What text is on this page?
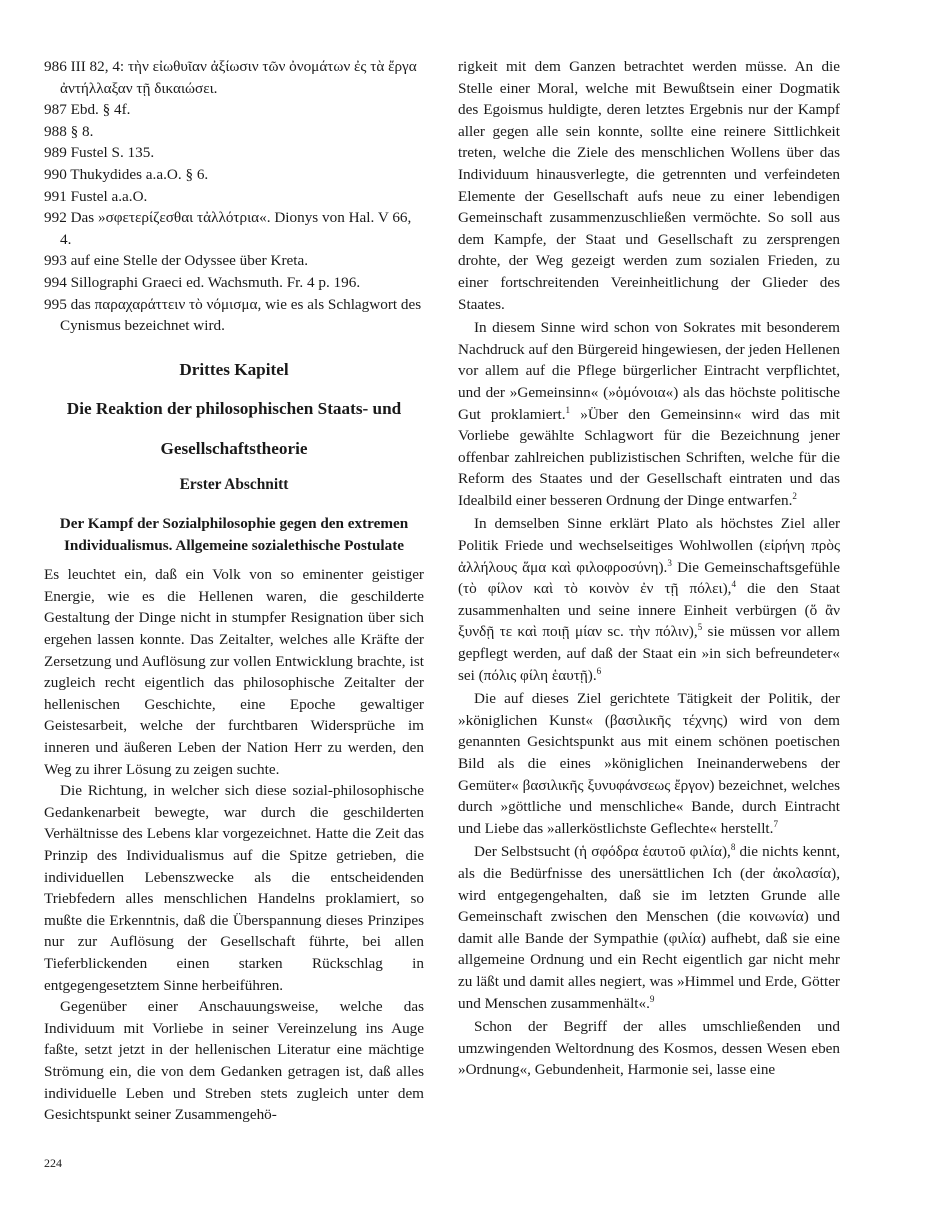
986 III 82, 4: τὴν εἰωθυῖαν ἀξίωσιν τῶν ὀνομάτων ἐς τὰ ἔργα ἀντήλλαξαν τῇ δικαιώσει.

987 Ebd. § 4f.

988 § 8.

989 Fustel S. 135.

990 Thukydides a.a.O. § 6.

991 Fustel a.a.O.

992 Das »σφετερίζεσθαι τἀλλότρια«. Dionys von Hal. V 66, 4.

993 auf eine Stelle der Odyssee über Kreta.

994 Sillographi Graeci ed. Wachsmuth. Fr. 4 p. 196.

995 das παραχαράττειν τὸ νόμισμα, wie es als Schlagwort des Cynismus bezeichnet wird.

Drittes Kapitel

Die Reaktion der philosophischen Staats- und

Gesellschaftstheorie

Erster Abschnitt

Der Kampf der Sozialphilosophie gegen den extremen Individualismus. Allgemeine sozialethische Postulate

Es leuchtet ein, daß ein Volk von so eminenter geistiger Energie, wie es die Hellenen waren, die geschilderte Gestaltung der Dinge nicht in stumpfer Resignation über sich ergehen lassen konnte. Das Zeitalter, welches alle Kräfte der Zersetzung und Auflösung zur vollen Entwicklung brachte, ist zugleich recht eigentlich das philosophische Zeitalter der hellenischen Geschichte, eine Epoche gewaltiger Geistesarbeit, welche der furchtbaren Widersprüche im inneren und äußeren Leben der Nation Herr zu werden, den Weg zu ihrer Lösung zu zeigen suchte.

Die Richtung, in welcher sich diese sozial-philosophische Gedankenarbeit bewegte, war durch die geschilderten Verhältnisse des Lebens klar vorgezeichnet. Hatte die Zeit das Prinzip des Individualismus auf die Spitze getrieben, die individuellen Lebenszwecke als die entscheidenden Triebfedern alles menschlichen Handelns proklamiert, so mußte die Erkenntnis, daß die Überspannung dieses Prinzipes nur zur Auflösung der Gesellschaft führte, bei allen Tieferblickenden einen starken Rückschlag in entgegengesetztem Sinne herbeiführen.

Gegenüber einer Anschauungsweise, welche das Individuum mit Vorliebe in seiner Vereinzelung ins Auge faßte, setzt jetzt in der hellenischen Literatur eine mächtige Strömung ein, die von dem Gedanken getragen ist, daß alles individuelle Leben und Streben stets zugleich unter dem Gesichtspunkt seiner Zusammengehö-

rigkeit mit dem Ganzen betrachtet werden müsse. An die Stelle einer Moral, welche mit Bewußtsein einer Dogmatik des Egoismus huldigte, deren letztes Ergebnis nur der Kampf aller gegen alle sein konnte, sollte eine reinere Sittlichkeit treten, welche die Ziele des menschlichen Wollens über das Individuum hinausverlegte, die getrennten und verfeindeten Elemente der Gesellschaft aufs neue zu einer lebendigen Gemeinschaft zusammenzuschließen vermöchte. So soll aus dem Kampfe, der Staat und Gesellschaft zu zersprengen drohte, der Weg gezeigt werden zum sozialen Frieden, zu einer fortschreitenden Vereinheitlichung der Glieder des Staates.

In diesem Sinne wird schon von Sokrates mit besonderem Nachdruck auf den Bürgereid hingewiesen, der jeden Hellenen vor allem auf die Pflege bürgerlicher Eintracht verpflichtet, und der »Gemeinsinn« (»ὁμόνοια«) als das höchste politische Gut proklamiert.$^1$ »Über den Gemeinsinn« wird das mit Vorliebe gewählte Schlagwort für die Bezeichnung jener offenbar zahlreichen publizistischen Schriften, welche für die Reform des Staates und der Gesellschaft eintraten und das Idealbild einer besseren Ordnung der Dinge entwarfen.$^2$

In demselben Sinne erklärt Plato als höchstes Ziel aller Politik Friede und wechselseitiges Wohlwollen (εἰρήνη πρὸς ἀλλήλους ἅμα καὶ φιλοφροσύνη).$^3$ Die Gemeinschaftsgefühle (τὸ φίλον καὶ τὸ κοινὸν ἐν τῇ πόλει),$^4$ die den Staat zusammenhalten und seine innere Einheit verbürgen (ὅ ἂν ξυνδῇ τε καὶ ποιῇ μίαν sc. τὴν πόλιν),$^5$ sie müssen vor allem gepflegt werden, auf daß der Staat ein »in sich befreundeter« sei (πόλις φίλη ἑαυτῇ).$^6$

Die auf dieses Ziel gerichtete Tätigkeit der Politik, der »königlichen Kunst« (βασιλικῆς τέχνης) wird von dem genannten Gesichtspunkt aus mit einem schönen poetischen Bild als die eines »königlichen Ineinanderwebens der Gemüter« βασιλικῆς ξυνυφάνσεως ἔργον) bezeichnet, welches durch »göttliche und menschliche« Bande, durch Eintracht und Liebe das »allerköstlichste Geflechte« herstellt.$^7$

Der Selbstsucht (ἡ σφόδρα ἑαυτοῦ φιλία),$^8$ die nichts kennt, als die Bedürfnisse des unersättlichen Ich (der ἀκολασία), wird entgegengehalten, daß sie im letzten Grunde alle Gemeinschaft zwischen den Menschen (die κοινωνία) und damit alle Bande der Sympathie (φιλία) aufhebt, daß sie eine allgemeine Ordnung und ein Recht eigentlich gar nicht mehr zu läßt und damit alles negiert, was »Himmel und Erde, Götter und Menschen zusammenhält«.$^9$

Schon der Begriff der alles umschließenden und umzwingenden Weltordnung des Kosmos, dessen Wesen eben »Ordnung«, Gebundenheit, Harmonie sei, lasse eine

224
